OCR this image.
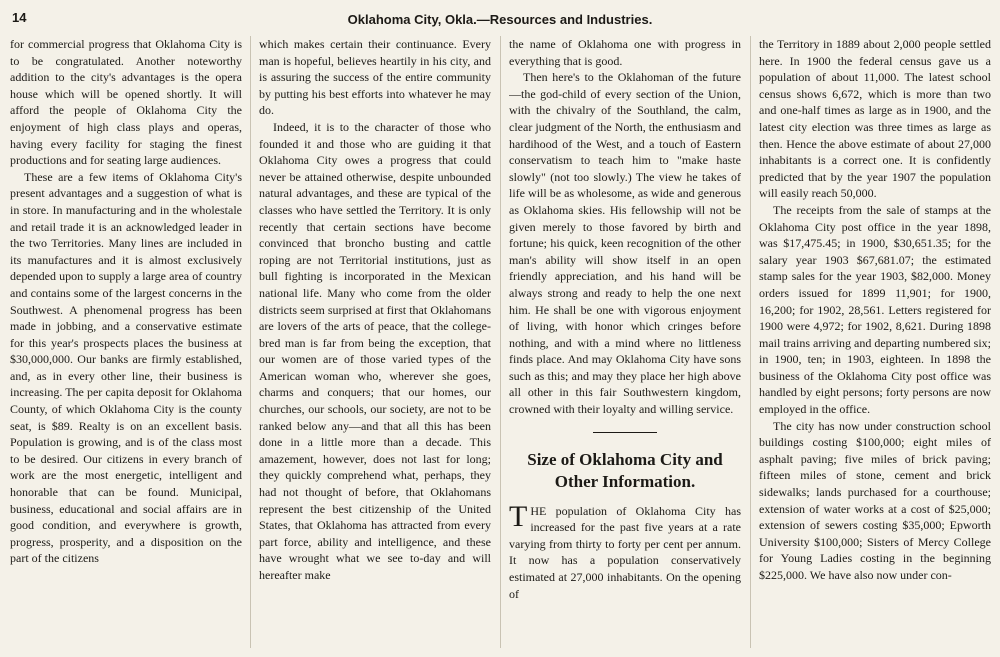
14	Oklahoma City, Okla.—Resources and Industries.

for commercial progress that Oklahoma City is to be congratulated. Another noteworthy addition to the city's advantages is the opera house which will be opened shortly. It will afford the people of Oklahoma City the enjoyment of high class plays and operas, having every facility for staging the finest productions and for seating large audiences.

These are a few items of Oklahoma City's present advantages and a suggestion of what is in store. In manufacturing and in the wholestale and retail trade it is an acknowledged leader in the two Territories. Many lines are included in its manufactures and it is almost exclusively depended upon to supply a large area of country and contains some of the largest concerns in the Southwest. A phenomenal progress has been made in jobbing, and a conservative estimate for this year's prospects places the business at $30,000,000. Our banks are firmly established, and, as in every other line, their business is increasing. The per capita deposit for Oklahoma County, of which Oklahoma City is the county seat, is $89. Realty is on an excellent basis. Population is growing, and is of the class most to be desired. Our citizens in every branch of work are the most energetic, intelligent and honorable that can be found. Municipal, business, educational and social affairs are in good condition, and everywhere is growth, progress, prosperity, and a disposition on the part of the citizens

which makes certain their continuance. Every man is hopeful, believes heartily in his city, and is assuring the success of the entire community by putting his best efforts into whatever he may do.

Indeed, it is to the character of those who founded it and those who are guiding it that Oklahoma City owes a progress that could never be attained otherwise, despite unbounded natural advantages, and these are typical of the classes who have settled the Territory. It is only recently that certain sections have become convinced that broncho busting and cattle roping are not Territorial institutions, just as bull fighting is incorporated in the Mexican national life. Many who come from the older districts seem surprised at first that Oklahomans are lovers of the arts of peace, that the college-bred man is far from being the exception, that our women are of those varied types of the American woman who, wherever she goes, charms and conquers; that our homes, our churches, our schools, our society, are not to be ranked below any—and that all this has been done in a little more than a decade. This amazement, however, does not last for long; they quickly comprehend what, perhaps, they had not thought of before, that Oklahomans represent the best citizenship of the United States, that Oklahoma has attracted from every part force, ability and intelligence, and these have wrought what we see to-day and will hereafter make

the name of Oklahoma one with progress in everything that is good.

Then here's to the Oklahoman of the future—the god-child of every section of the Union, with the chivalry of the Southland, the calm, clear judgment of the North, the enthusiasm and hardihood of the West, and a touch of Eastern conservatism to teach him to "make haste slowly" (not too slowly.) The view he takes of life will be as wholesome, as wide and generous as Oklahoma skies. His fellowship will not be given merely to those favored by birth and fortune; his quick, keen recognition of the other man's ability will show itself in an open friendly appreciation, and his hand will be always strong and ready to help the one next him. He shall be one with vigorous enjoyment of living, with honor which cringes before nothing, and with a mind where no littleness finds place. And may Oklahoma City have sons such as this; and may they place her high above all other in this fair Southwestern kingdom, crowned with their loyalty and willing service.

Size of Oklahoma City and Other Information.

THE population of Oklahoma City has increased for the past five years at a rate varying from thirty to forty per cent per annum. It now has a population conservatively estimated at 27,000 inhabitants. On the opening of

the Territory in 1889 about 2,000 people settled here. In 1900 the federal census gave us a population of about 11,000. The latest school census shows 6,672, which is more than two and one-half times as large as in 1900, and the latest city election was three times as large as then. Hence the above estimate of about 27,000 inhabitants is a correct one. It is confidently predicted that by the year 1907 the population will easily reach 50,000.

The receipts from the sale of stamps at the Oklahoma City post office in the year 1898, was $17,475.45; in 1900, $30,651.35; for the salary year 1903 $67,681.07; the estimated stamp sales for the year 1903, $82,000. Money orders issued for 1899 11,901; for 1900, 16,200; for 1902, 28,561. Letters registered for 1900 were 4,972; for 1902, 8,621. During 1898 mail trains arriving and departing numbered six; in 1900, ten; in 1903, eighteen. In 1898 the business of the Oklahoma City post office was handled by eight persons; forty persons are now employed in the office.

The city has now under construction school buildings costing $100,000; eight miles of asphalt paving; five miles of brick paving; fifteen miles of stone, cement and brick sidewalks; lands purchased for a courthouse; extension of water works at a cost of $25,000; extension of sewers costing $35,000; Epworth University $100,000; Sisters of Mercy College for Young Ladies costing in the beginning $225,000. We have also now under con-
